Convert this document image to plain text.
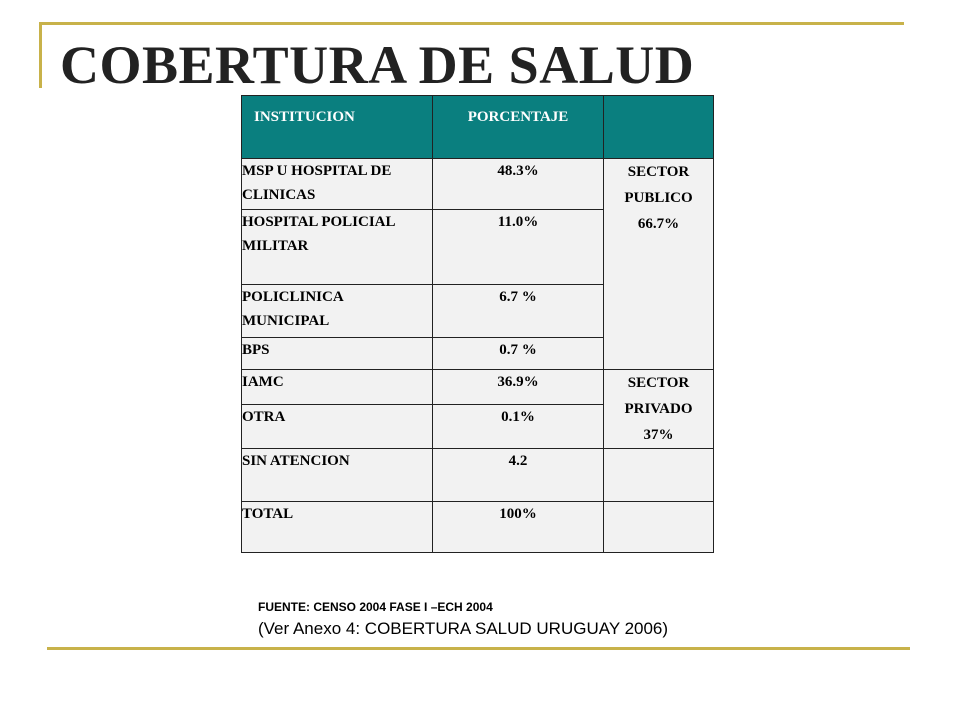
COBERTURA DE SALUD
INSTITUCION	PORCENTAJE	
MSP U HOSPITAL DE CLINICAS	48.3%	SECTOR
PUBLICO
66.7%

HOSPITAL POLICIAL MILITAR	11.0%	
POLICLINICA MUNICIPAL	6.7 %	
BPS	0.7 %	
IAMC	36.9%	SECTOR
PRIVADO
37%

OTRA	0.1%	
SIN ATENCION	4.2	
TOTAL	100%	
FUENTE: CENSO 2004 FASE I –ECH 2004
(Ver Anexo 4: COBERTURA SALUD URUGUAY 2006)
